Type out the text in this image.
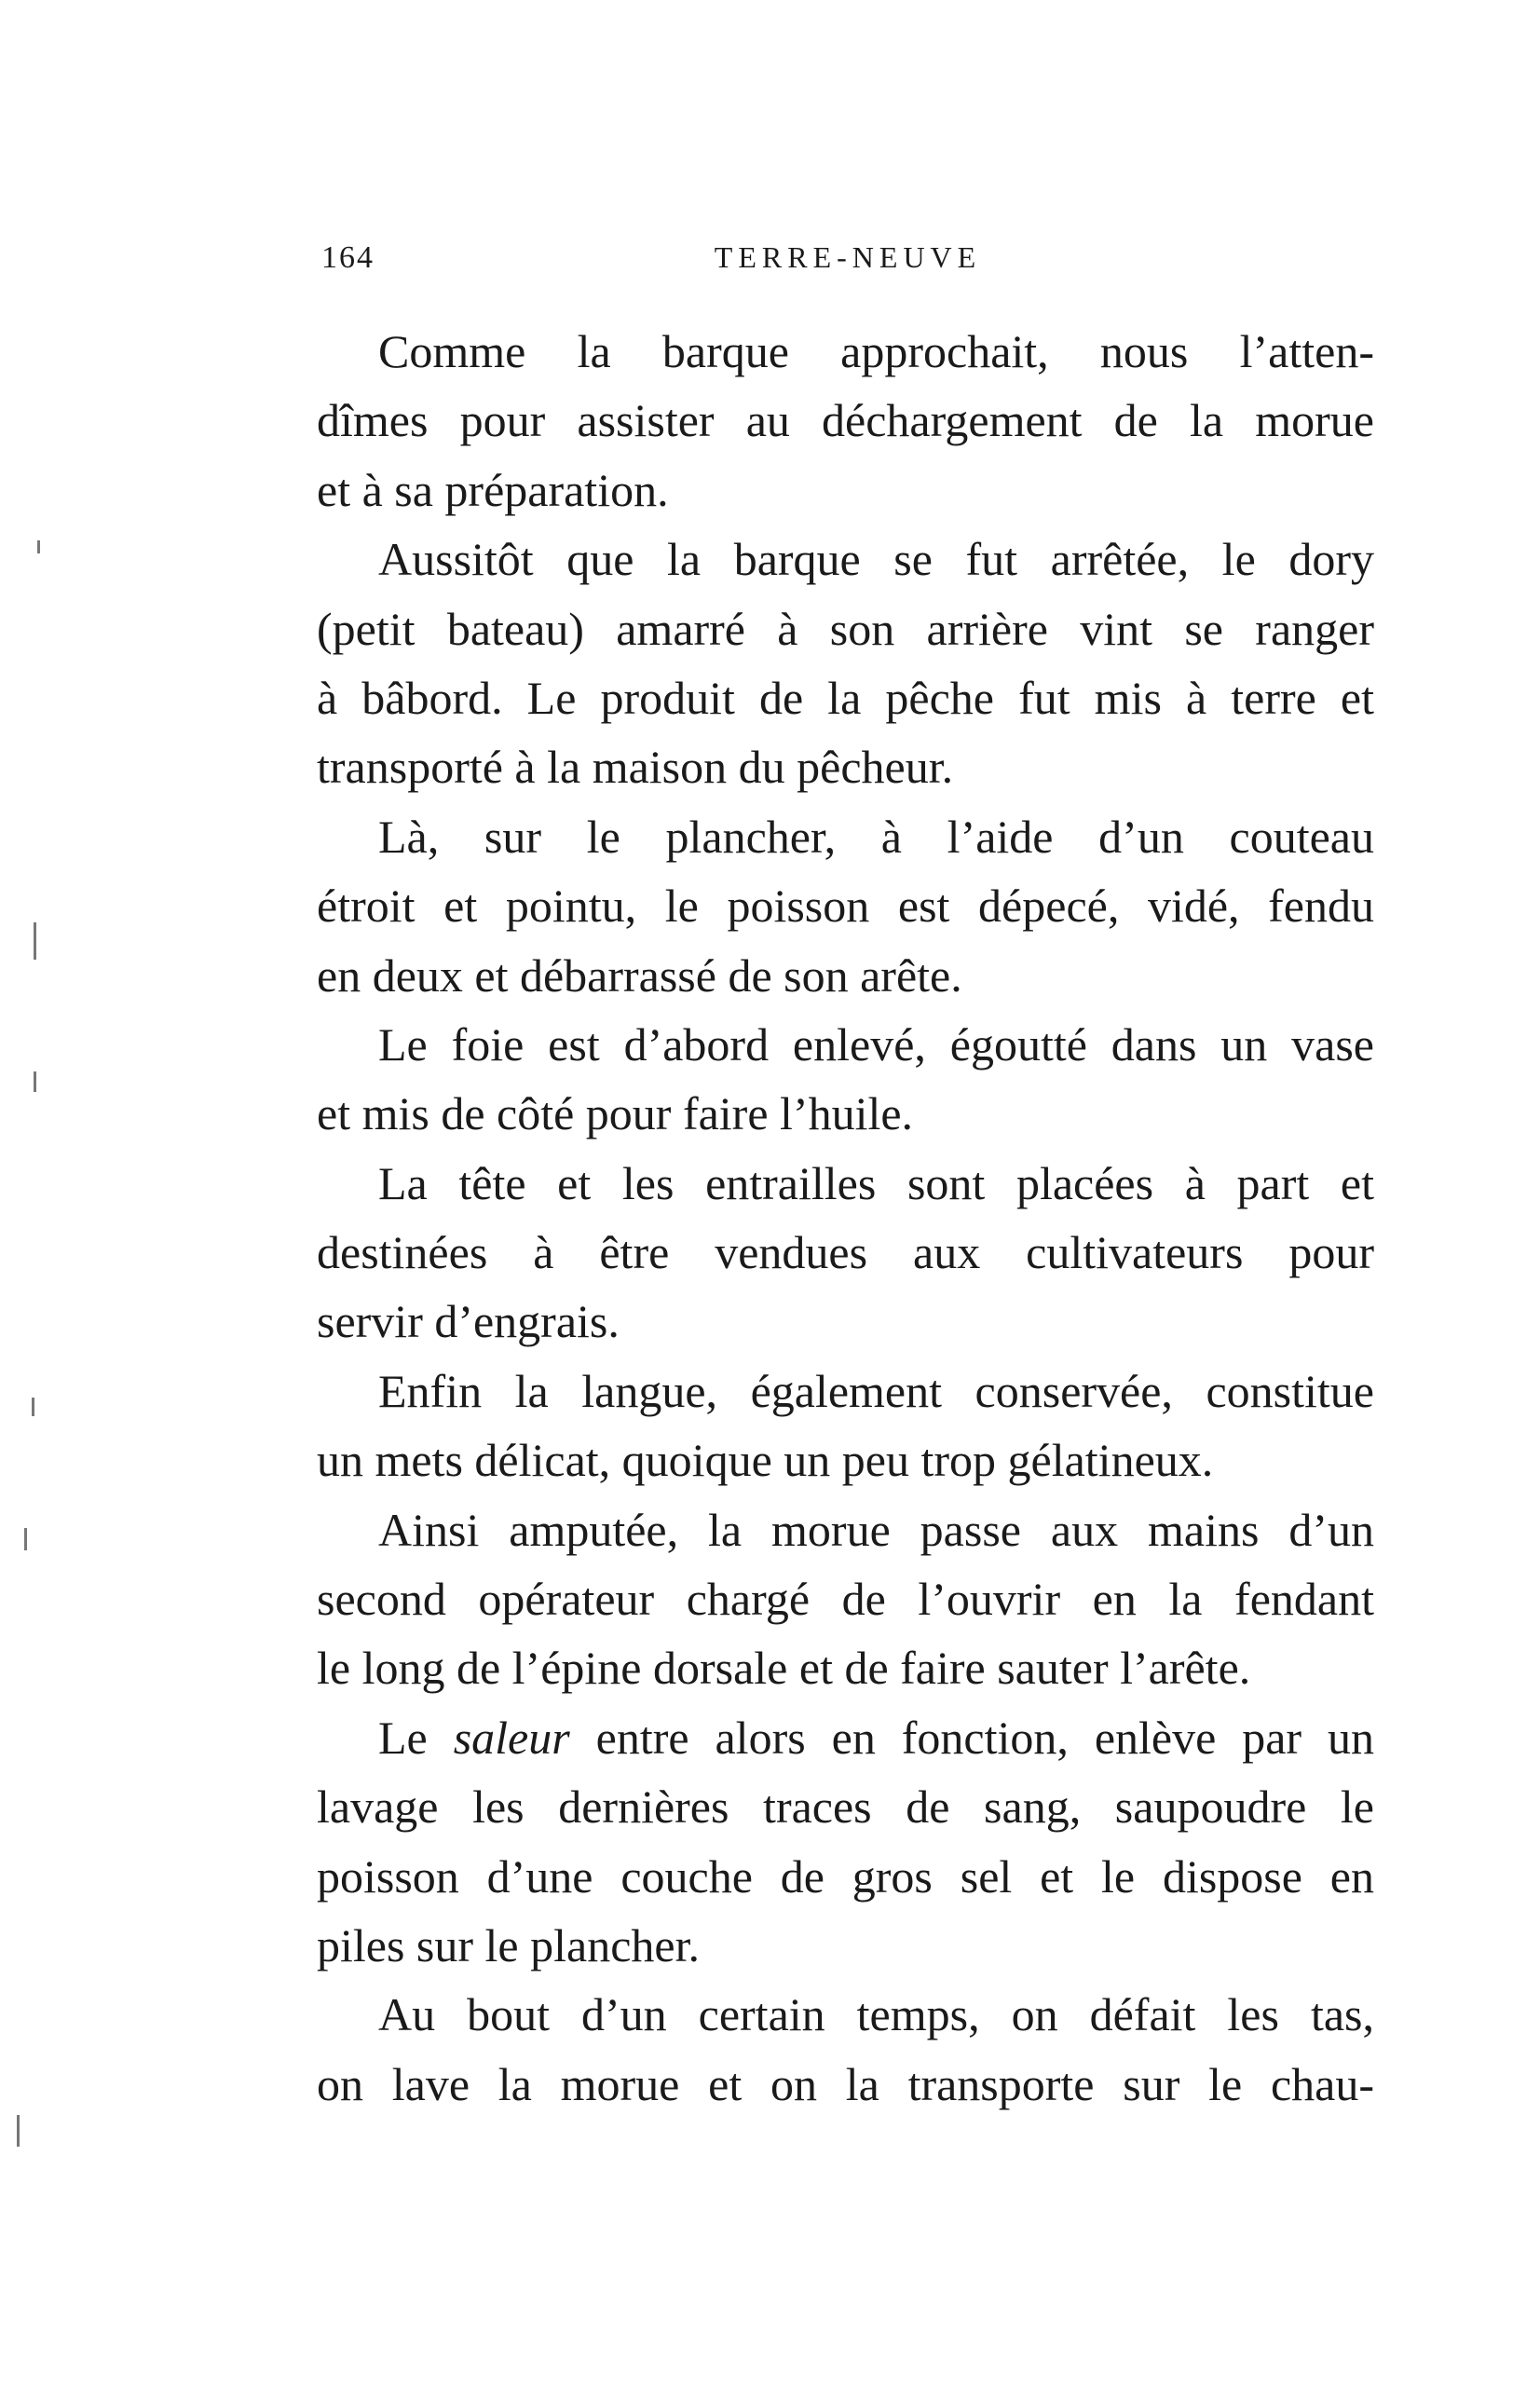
164	TERRE-NEUVE
Comme la barque approchait, nous l’atten-
dîmes pour assister au déchargement de la morue
et à sa préparation.
Aussitôt que la barque se fut arrêtée, le dory
(petit bateau) amarré à son arrière vint se ranger
à bâbord. Le produit de la pêche fut mis à terre et
transporté à la maison du pêcheur.
Là, sur le plancher, à l’aide d’un couteau
étroit et pointu, le poisson est dépecé, vidé, fendu
en deux et débarrassé de son arête.
Le foie est d’abord enlevé, égoutté dans un vase
et mis de côté pour faire l’huile.
La tête et les entrailles sont placées à part et
destinées à être vendues aux cultivateurs pour
servir d’engrais.
Enfin la langue, également conservée, constitue
un mets délicat, quoique un peu trop gélatineux.
Ainsi amputée, la morue passe aux mains d’un
second opérateur chargé de l’ouvrir en la fendant
le long de l’épine dorsale et de faire sauter l’arête.
Le saleur entre alors en fonction, enlève par un
lavage les dernières traces de sang, saupoudre le
poisson d’une couche de gros sel et le dispose en
piles sur le plancher.
Au bout d’un certain temps, on défait les tas,
on lave la morue et on la transporte sur le chau-
